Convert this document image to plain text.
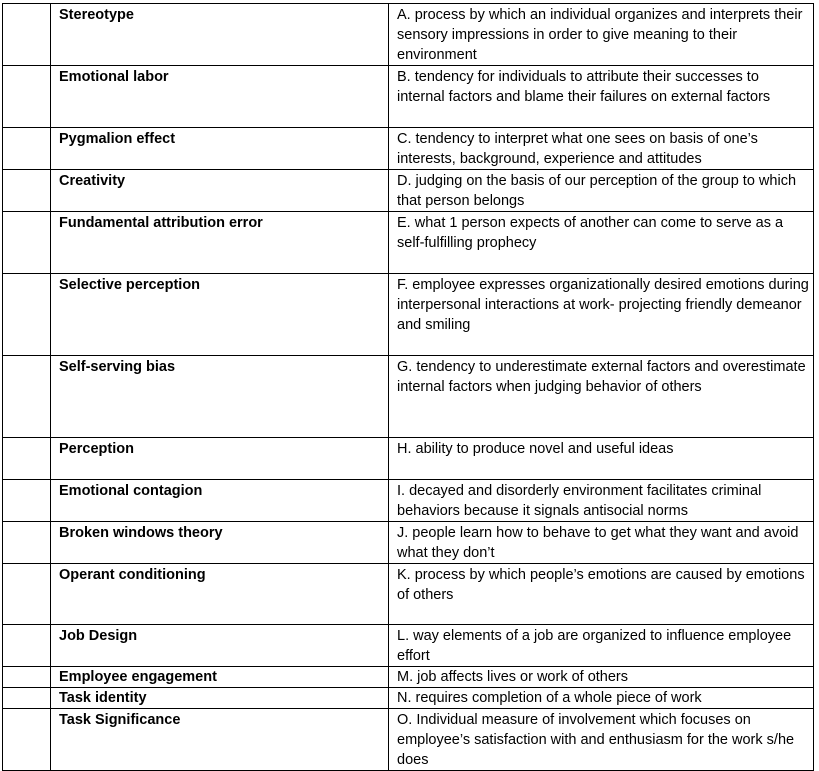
	Stereotype	A. process by which an individual organizes and interprets their sensory impressions in order to give meaning to their environment
	Emotional labor	B. tendency for individuals to attribute their successes to internal factors and blame their failures on external factors
	Pygmalion effect	C. tendency to interpret what one sees on basis of one’s interests, background, experience and attitudes
	Creativity	D. judging on the basis of our perception of the group to which that person belongs
	Fundamental attribution error	E. what 1 person expects of another can come to serve as a self-fulfilling prophecy
	Selective perception	F. employee expresses organizationally desired emotions during interpersonal interactions at work- projecting friendly demeanor and smiling
	Self-serving bias	G. tendency to underestimate external factors and overestimate internal factors when judging behavior of others
	Perception	H. ability to produce novel and useful ideas
	Emotional contagion	I. decayed and disorderly environment facilitates criminal behaviors because it signals antisocial norms
	Broken windows theory	J. people learn how to behave to get what they want and avoid what they don’t
	Operant conditioning	K. process by which people’s emotions are caused by emotions of others
	Job Design	L. way elements of a job are organized to influence employee effort
	Employee engagement	M. job affects lives or work of others
	Task identity	N. requires completion of a whole piece of work
	Task Significance	O. Individual measure of involvement which focuses on employee’s satisfaction with and enthusiasm for the work s/he does
